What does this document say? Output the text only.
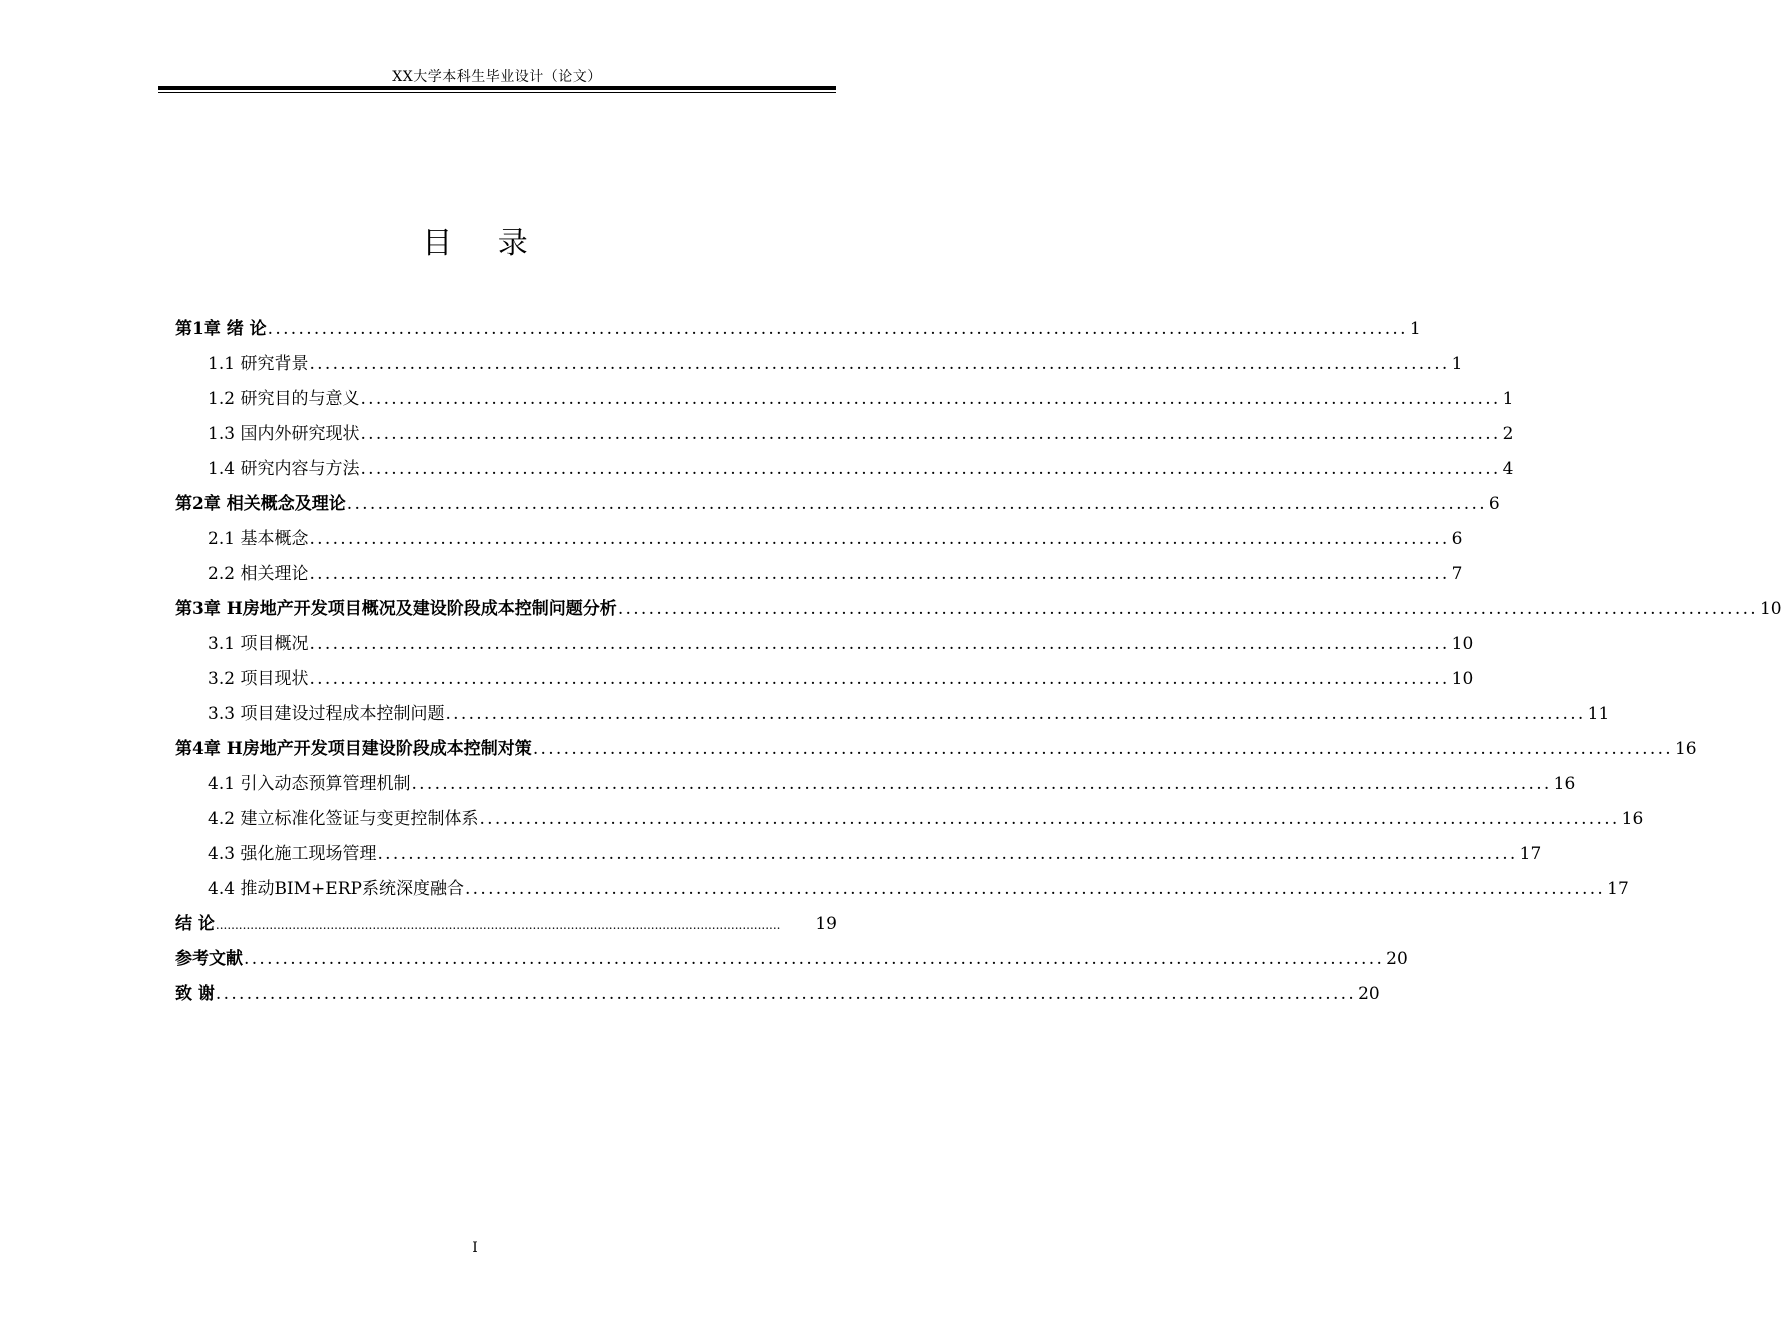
XX大学本科生毕业设计（论文）
目 录
第1章 绪 论 .................................................................................................................................................... 1
1.1 研究背景 .................................................................................................................................................... 1
1.2 研究目的与意义 .................................................................................................................................................... 1
1.3 国内外研究现状 .................................................................................................................................................... 2
1.4 研究内容与方法 .................................................................................................................................................... 4
第2章 相关概念及理论 .................................................................................................................................................... 6
2.1 基本概念 .................................................................................................................................................... 6
2.2 相关理论 .................................................................................................................................................... 7
第3章 H房地产开发项目概况及建设阶段成本控制问题分析 .................................................................................................................................................... 10
3.1 项目概况 .................................................................................................................................................... 10
3.2 项目现状 .................................................................................................................................................... 10
3.3 项目建设过程成本控制问题 .................................................................................................................................................... 11
第4章 H房地产开发项目建设阶段成本控制对策 .................................................................................................................................................... 16
4.1 引入动态预算管理机制 .................................................................................................................................................... 16
4.2 建立标准化签证与变更控制体系 .................................................................................................................................................... 16
4.3 强化施工现场管理 .................................................................................................................................................... 17
4.4 推动BIM+ERP系统深度融合 .................................................................................................................................................... 17
结 论 ....................................................................................................................................................	19
参考文献 .................................................................................................................................................... 20
致 谢 .................................................................................................................................................... 20
I
